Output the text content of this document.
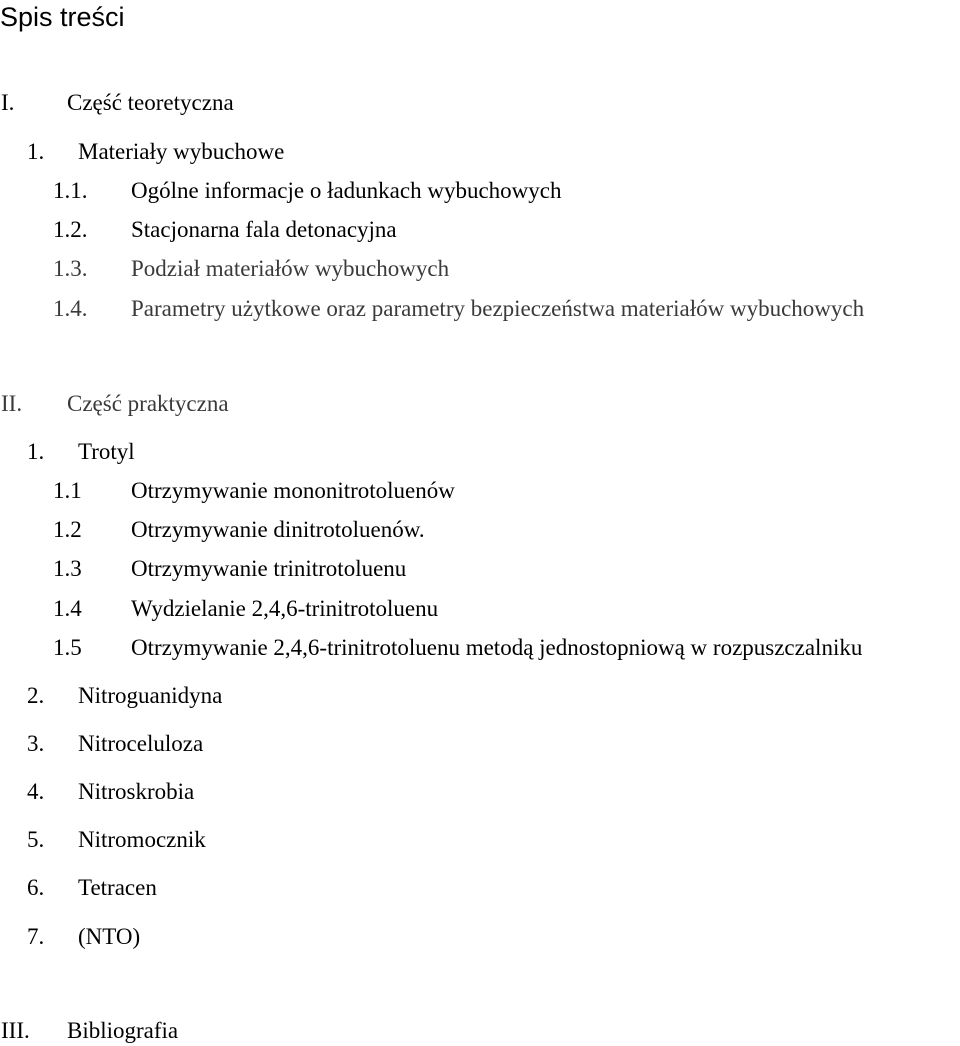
Spis treści
I. Część teoretyczna
1. Materiały wybuchowe
1.1. Ogólne informacje o ładunkach wybuchowych
1.2. Stacjonarna fala detonacyjna
1.3. Podział materiałów wybuchowych
1.4. Parametry użytkowe oraz parametry bezpieczeństwa materiałów wybuchowych
II. Część praktyczna
1. Trotyl
1.1 Otrzymywanie mononitrotoluenów
1.2 Otrzymywanie dinitrotoluenów.
1.3 Otrzymywanie trinitrotoluenu
1.4 Wydzielanie 2,4,6-trinitrotoluenu
1.5 Otrzymywanie 2,4,6-trinitrotoluenu metodą jednostopniową w rozpuszczalniku
2. Nitroguanidyna
3. Nitroceluloza
4. Nitroskrobia
5. Nitromocznik
6. Tetracen
7. (NTO)
III. Bibliografia
